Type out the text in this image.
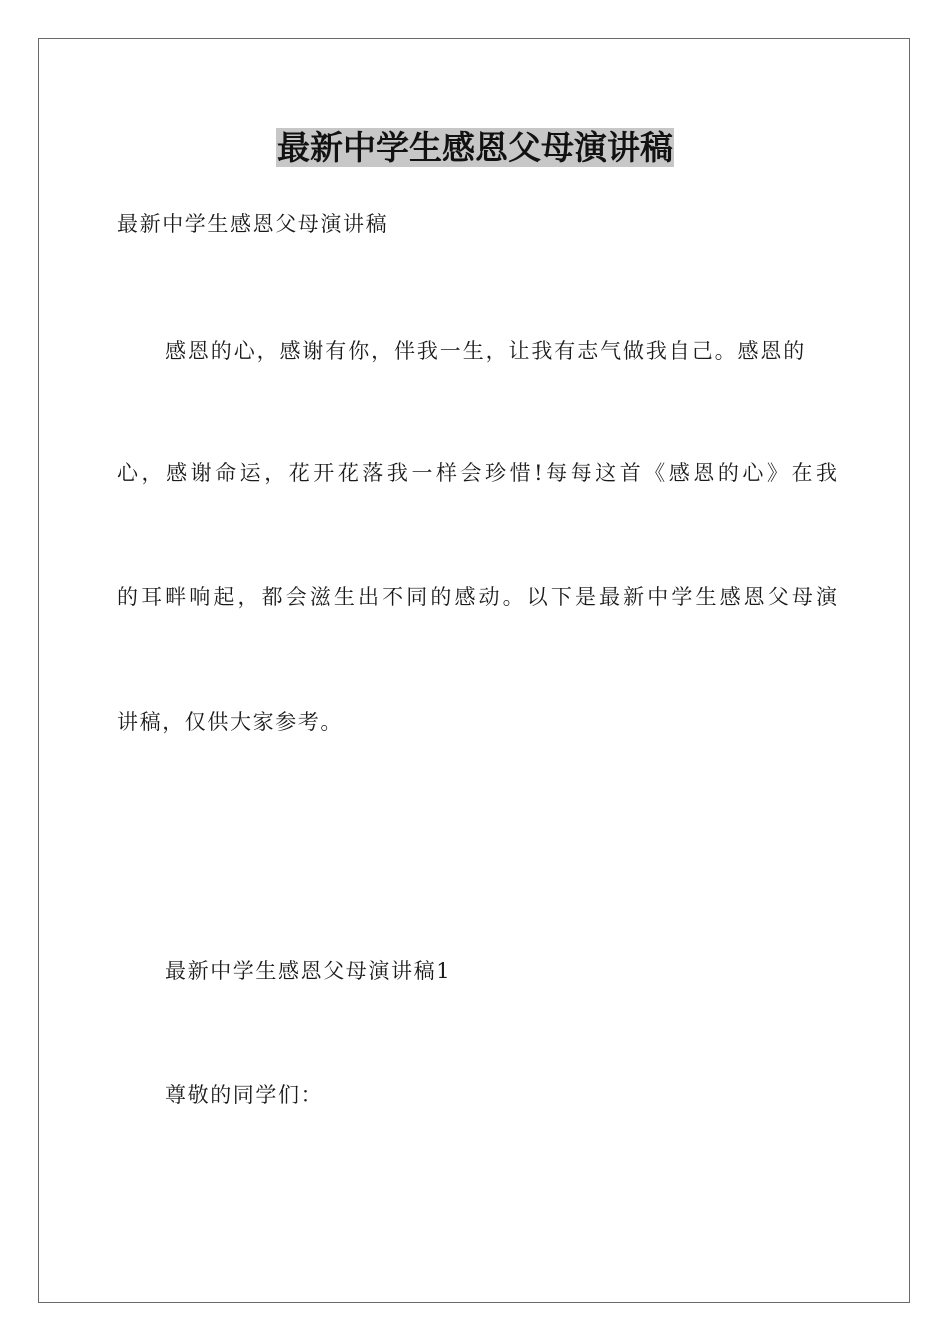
最新中学生感恩父母演讲稿

最新中学生感恩父母演讲稿

感恩的心，感谢有你，伴我一生，让我有志气做我自己。感恩的

心，感谢命运，花开花落我一样会珍惜!每每这首《感恩的心》在我

的耳畔响起，都会滋生出不同的感动。以下是最新中学生感恩父母演

讲稿，仅供大家参考。

最新中学生感恩父母演讲稿1

尊敬的同学们：
